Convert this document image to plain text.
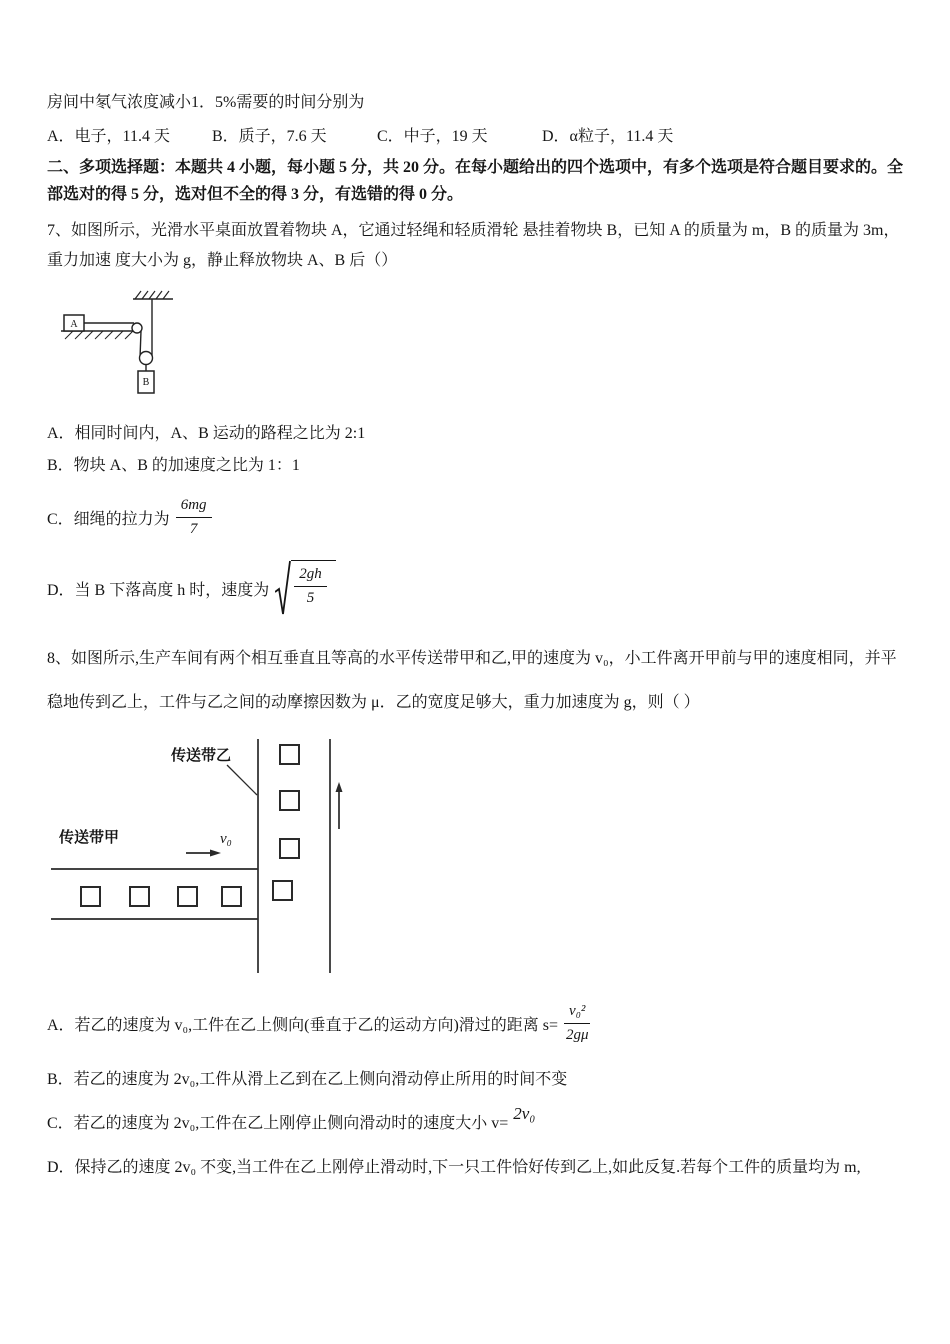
房间中氡气浓度减小1．5%需要的时间分别为

A．电子，11.4 天	B．质子，7.6 天	C．中子，19 天	D．α粒子，11.4 天

二、多项选择题：本题共 4 小题，每小题 5 分，共 20 分。在每小题给出的四个选项中，有多个选项是符合题目要求的。全部选对的得 5 分，选对但不全的得 3 分，有选错的得 0 分。

7、如图所示，光滑水平桌面放置着物块 A，它通过轻绳和轻质滑轮 悬挂着物块 B，已知 A 的质量为 m，B 的质量为 3m，重力加速 度大小为 g，静止释放物块 A、B 后（）

A
B

A．相同时间内，A、B 运动的路程之比为 2:1

B．物块 A、B 的加速度之比为 1：1

C．细绳的拉力为 $\frac{6mg}{7}$
D．当 B 下落高度 h 时，速度为 $\frac{2gh}{5}$

8、如图所示,生产车间有两个相互垂直且等高的水平传送带甲和乙,甲的速度为 v₀，小工件离开甲前与甲的速度相同，并平稳地传到乙上，工件与乙之间的动摩擦因数为 μ．乙的宽度足够大，重力加速度为 g，则（ ）

传送带乙
传送带甲	v₀
A．若乙的速度为 v₀,工件在乙上侧向(垂直于乙的运动方向)滑过的距离 $s= \frac{\text{v₀²}}{2g\mu}$

B．若乙的速度为 2v₀,工件从滑上乙到在乙上侧向滑动停止所用的时间不变

C．若乙的速度为 2v₀,工件在乙上刚停止侧向滑动时的速度大小 v= 2v₀

D．保持乙的速度 2v₀ 不变,当工件在乙上刚停止滑动时,下一只工件恰好传到乙上,如此反复.若每个工件的质量均为 m,
